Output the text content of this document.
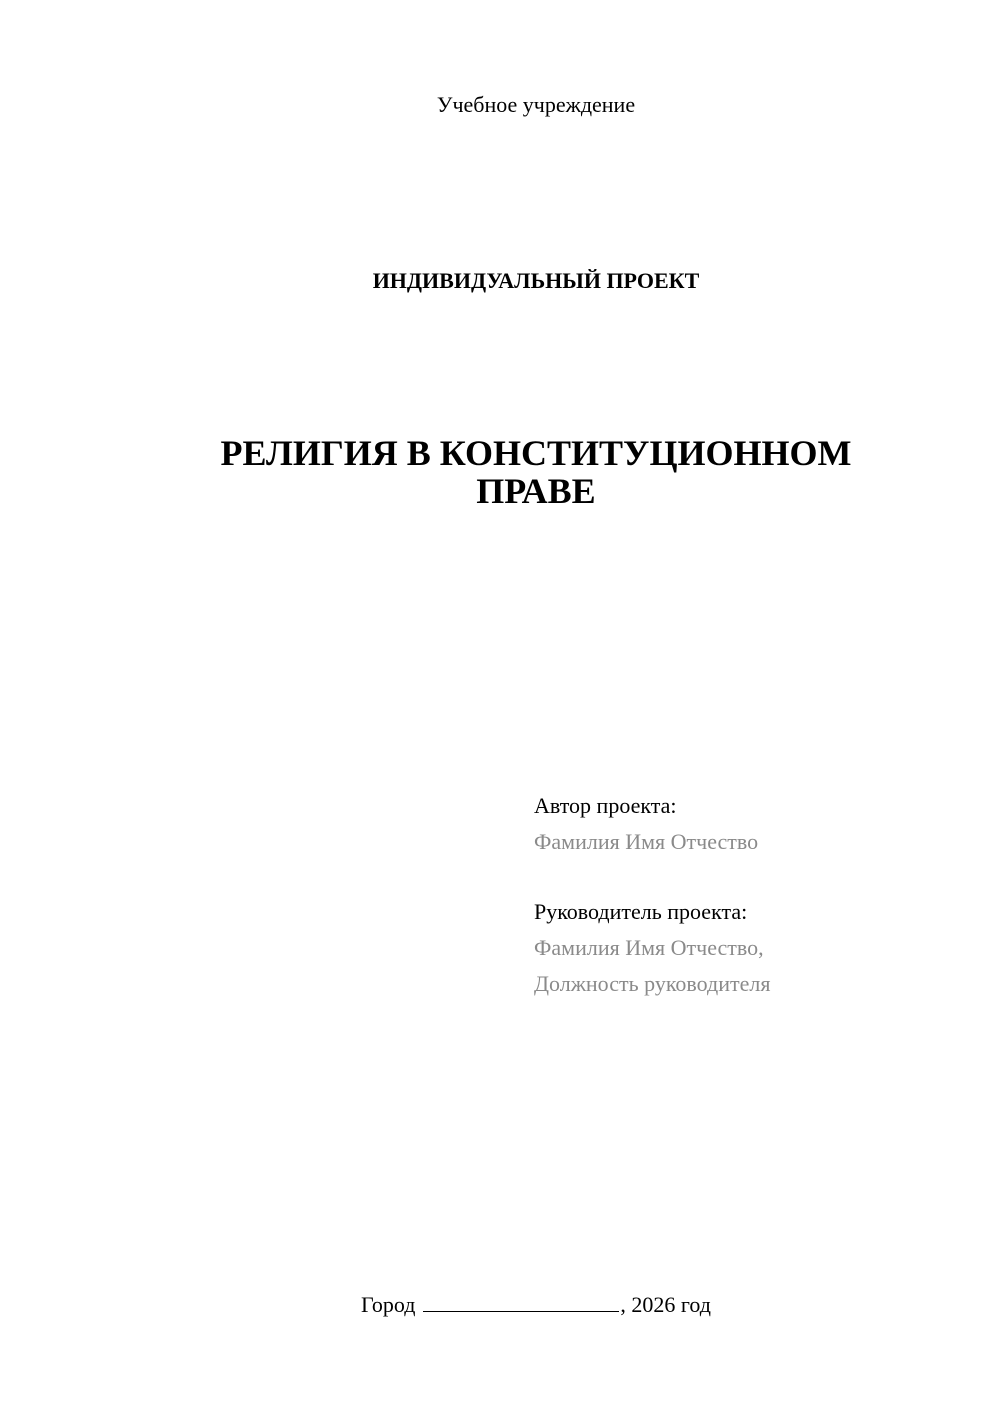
Учебное учреждение
ИНДИВИДУАЛЬНЫЙ ПРОЕКТ
РЕЛИГИЯ В КОНСТИТУЦИОННОМ
ПРАВЕ
Автор проекта:
Фамилия Имя Отчество
Руководитель проекта:
Фамилия Имя Отчество,
Должность руководителя
Город	, 2026 год
